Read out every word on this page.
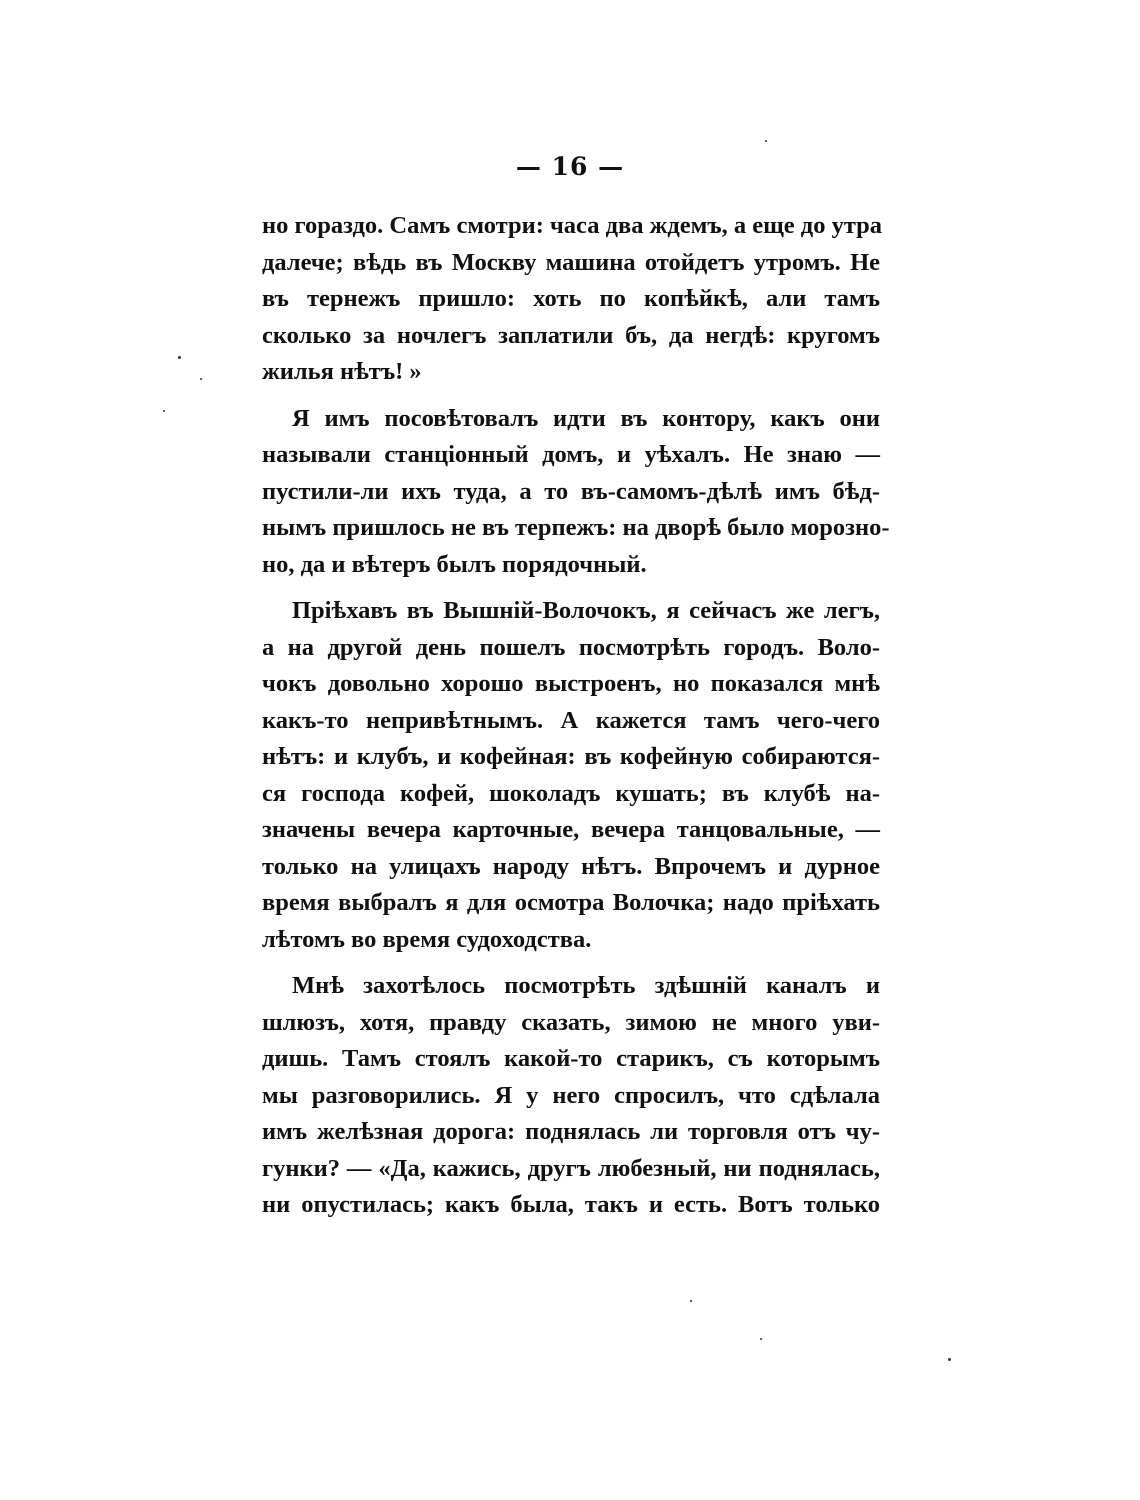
— 16 —
но гораздо. Самъ смотри: часа два ждемъ, а еще до утра
далече; вѣдь въ Москву машина отойдетъ утромъ. Не
въ тернежъ пришло: хоть по копѣйкѣ, али тамъ
сколько за ночлегъ заплатили бъ, да негдѣ: кругомъ
жилья нѣтъ! »
Я имъ посовѣтовалъ идти въ контору, какъ они
называли станцiонный домъ, и уѣхалъ. Не знаю —
пустили-ли ихъ туда, а то въ-самомъ-дѣлѣ имъ бѣд-
нымъ пришлось не въ терпежъ: на дворѣ было морозно-
но, да и вѣтеръ былъ порядочный.
Прiѣхавъ въ Вышнiй-Волочокъ, я сейчасъ же легъ,
а на другой день пошелъ посмотрѣть городъ. Воло-
чокъ довольно хорошо выстроенъ, но показался мнѣ
какъ-то непривѣтнымъ. А кажется тамъ чего-чего
нѣтъ: и клубъ, и кофейная: въ кофейную собираются-
ся господа кофей, шоколадъ кушать; въ клубѣ на-
значены вечера карточные, вечера танцовальные, —
только на улицахъ народу нѣтъ. Впрочемъ и дурное
время выбралъ я для осмотра Волочка; надо прiѣхать
лѣтомъ во время судоходства.
Мнѣ захотѣлось посмотрѣть здѣшнiй каналъ и
шлюзъ, хотя, правду сказать, зимою не много уви-
дишь. Тамъ стоялъ какой-то старикъ, съ которымъ
мы разговорились. Я у него спросилъ, что сдѣлала
имъ желѣзная дорога: поднялась ли торговля отъ чу-
гунки? — «Да, кажись, другъ любезный, ни поднялась,
ни опустилась; какъ была, такъ и есть. Вотъ только
